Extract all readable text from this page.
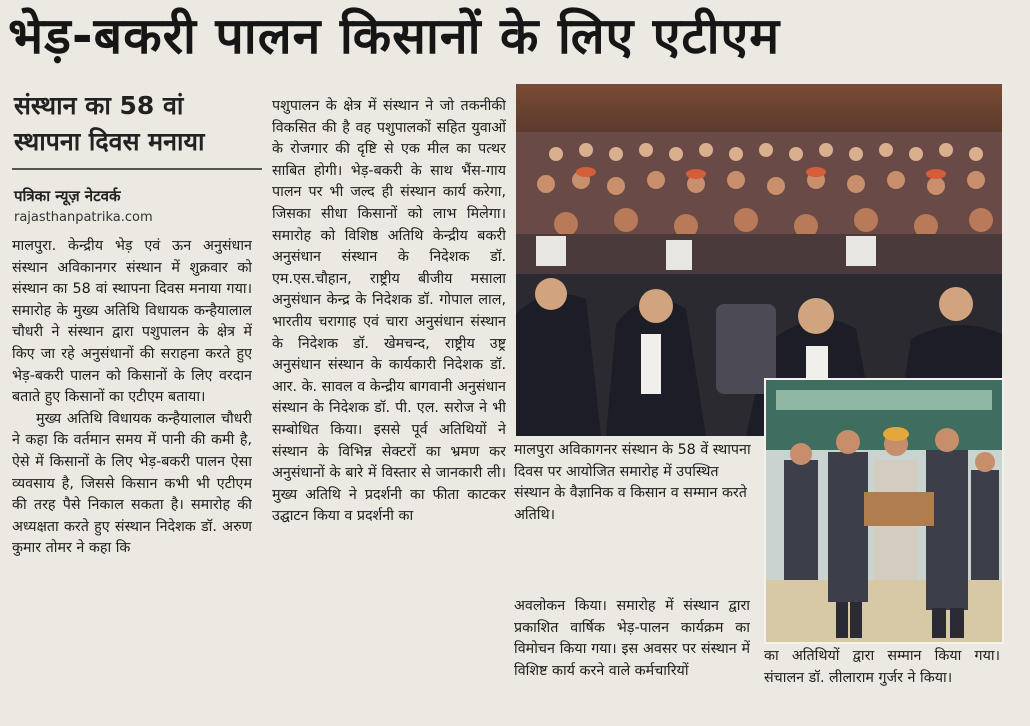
भेड़-बकरी पालन किसानों के लिए एटीएम
संस्थान का 58 वां
स्थापना दिवस मनाया
पत्रिका न्यूज़ नेटवर्क
rajasthanpatrika.com

मालपुरा. केन्द्रीय भेड़ एवं ऊन अनुसंधान संस्थान अविकानगर संस्थान में शुक्रवार को संस्थान का 58 वां स्थापना दिवस मनाया गया। समारोह के मुख्य अतिथि विधायक कन्हैयालाल चौधरी ने संस्थान द्वारा पशुपालन के क्षेत्र में किए जा रहे अनुसंधानों की सराहना करते हुए भेड़-बकरी पालन को किसानों के लिए वरदान बताते हुए किसानों का एटीएम बताया।

मुख्य अतिथि विधायक कन्हैयालाल चौधरी ने कहा कि वर्तमान समय में पानी की कमी है, ऐसे में किसानों के लिए भेड़-बकरी पालन ऐसा व्यवसाय है, जिससे किसान कभी भी एटीएम की तरह पैसे निकाल सकता है। समारोह की अध्यक्षता करते हुए संस्थान निदेशक डॉ. अरुण कुमार तोमर ने कहा कि

पशुपालन के क्षेत्र में संस्थान ने जो तकनीकी विकसित की है वह पशुपालकों सहित युवाओं के रोजगार की दृष्टि से एक मील का पत्थर साबित होगी। भेड़-बकरी के साथ भैंस-गाय पालन पर भी जल्द ही संस्थान कार्य करेगा, जिसका सीधा किसानों को लाभ मिलेगा। समारोह को विशिष्ठ अतिथि केन्द्रीय बकरी अनुसंधान संस्थान के निदेशक डॉ. एम.एस.चौहान, राष्ट्रीय बीजीय मसाला अनुसंधान केन्द्र के निदेशक डॉ. गोपाल लाल, भारतीय चरागाह एवं चारा अनुसंधान संस्थान के निदेशक डॉ. खेमचन्द, राष्ट्रीय उष्ट्र अनुसंधान संस्थान के कार्यकारी निदेशक डॉ. आर. के. सावल व केन्द्रीय बागवानी अनुसंधान संस्थान के निदेशक डॉ. पी. एल. सरोज ने भी सम्बोधित किया। इससे पूर्व अतिथियों ने संस्थान के विभिन्न सेक्टरों का भ्रमण कर अनुसंधानों के बारे में विस्तार से जानकारी ली। मुख्य अतिथि ने प्रदर्शनी का फीता काटकर उद्घाटन किया व प्रदर्शनी का

मालपुरा अविकागनर संस्थान के 58 वें स्थापना दिवस पर आयोजित समारोह में उपस्थित संस्थान के वैज्ञानिक व किसान व सम्मान करते अतिथि।

अवलोकन किया। समारोह में संस्थान द्वारा प्रकाशित वार्षिक भेड़-पालन कार्यक्रम का विमोचन किया गया। इस अवसर पर संस्थान में विशिष्ट कार्य करने वाले कर्मचारियों

का अतिथियों द्वारा सम्मान किया गया। संचालन डॉ. लीलाराम गुर्जर ने किया।
